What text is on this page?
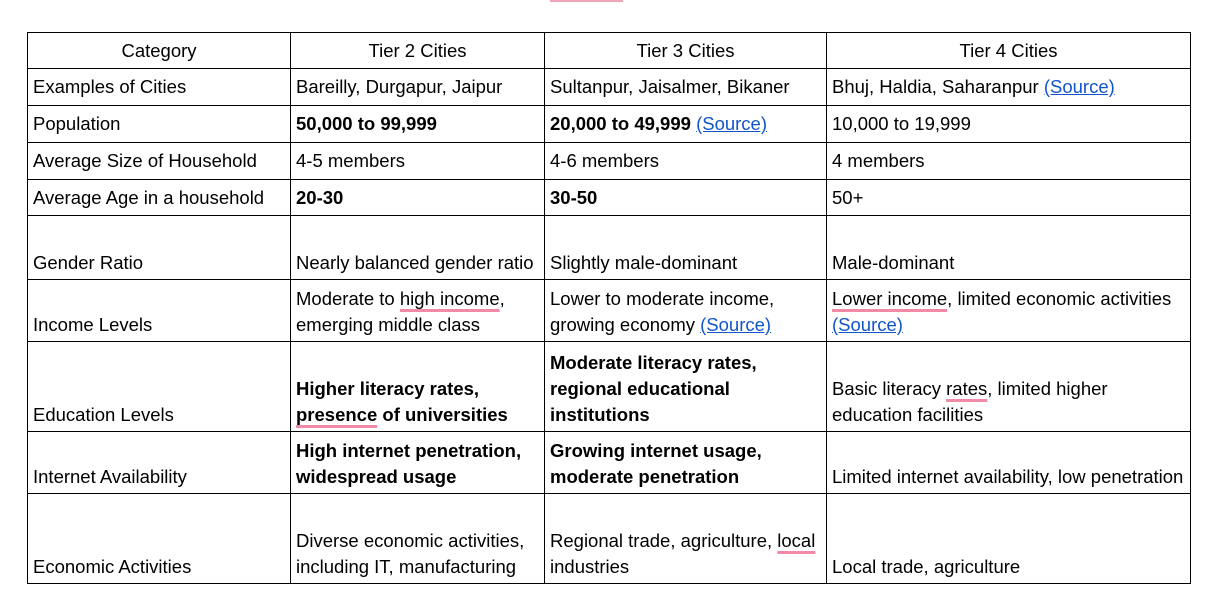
Category	Tier 2 Cities	Tier 3 Cities	Tier 4 Cities
Examples of Cities	Bareilly, Durgapur, Jaipur	Sultanpur, Jaisalmer, Bikaner	Bhuj, Haldia, Saharanpur (Source)
Population	50,000 to 99,999	20,000 to 49,999 (Source)	10,000 to 19,999
Average Size of Household	4-5 members	4-6 members	4 members
Average Age in a household	20-30	30-50	50+
Gender Ratio	Nearly balanced gender ratio	Slightly male-dominant	Male-dominant
Income Levels	Moderate to high income, emerging middle class	Lower to moderate income, growing economy (Source)	Lower income, limited economic activities (Source)
Education Levels	Higher literacy rates, presence of universities	Moderate literacy rates, regional educational institutions	Basic literacy rates, limited higher education facilities
Internet Availability	High internet penetration, widespread usage	Growing internet usage, moderate penetration	Limited internet availability, low penetration
Economic Activities	Diverse economic activities, including IT, manufacturing	Regional trade, agriculture, local industries	Local trade, agriculture
